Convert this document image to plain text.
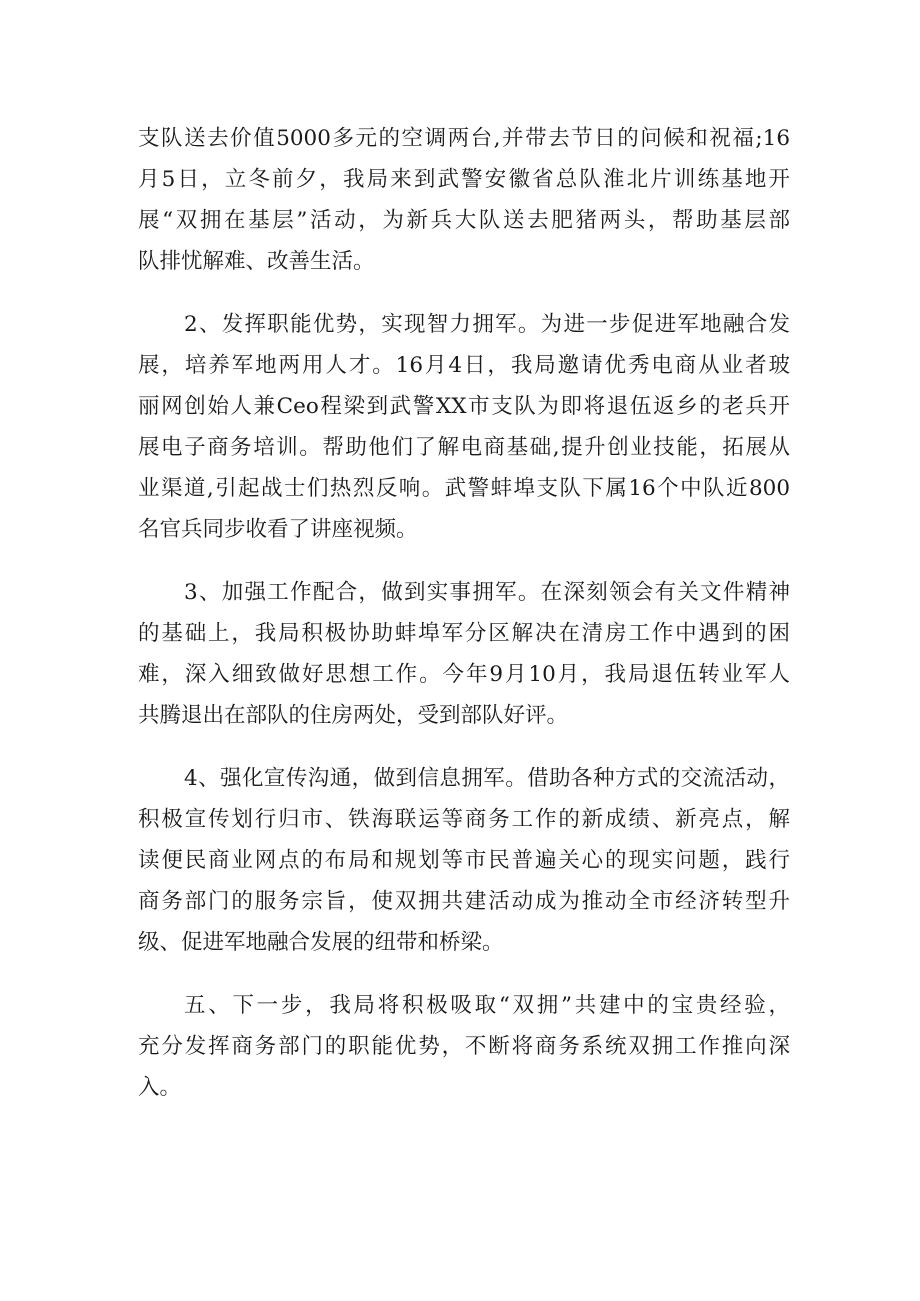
支队送去价值5000多元的空调两台,并带去节日的问候和祝福;16
月5日，立冬前夕，我局来到武警安徽省总队淮北片训练基地开
展“双拥在基层”活动，为新兵大队送去肥猪两头，帮助基层部
队排忧解难、改善生活。
2、发挥职能优势，实现智力拥军。为进一步促进军地融合发
展，培养军地两用人才。16月4日，我局邀请优秀电商从业者玻
丽网创始人兼Ceo程梁到武警XX市支队为即将退伍返乡的老兵开
展电子商务培训。帮助他们了解电商基础,提升创业技能，拓展从
业渠道,引起战士们热烈反响。武警蚌埠支队下属16个中队近800
名官兵同步收看了讲座视频。
3、加强工作配合，做到实事拥军。在深刻领会有关文件精神
的基础上，我局积极协助蚌埠军分区解决在清房工作中遇到的困
难，深入细致做好思想工作。今年9月10月，我局退伍转业军人
共腾退出在部队的住房两处，受到部队好评。
4、强化宣传沟通，做到信息拥军。借助各种方式的交流活动，
积极宣传划行归市、铁海联运等商务工作的新成绩、新亮点，解
读便民商业网点的布局和规划等市民普遍关心的现实问题，践行
商务部门的服务宗旨，使双拥共建活动成为推动全市经济转型升
级、促进军地融合发展的纽带和桥梁。
五、下一步，我局将积极吸取“双拥”共建中的宝贵经验，
充分发挥商务部门的职能优势，不断将商务系统双拥工作推向深
入。
